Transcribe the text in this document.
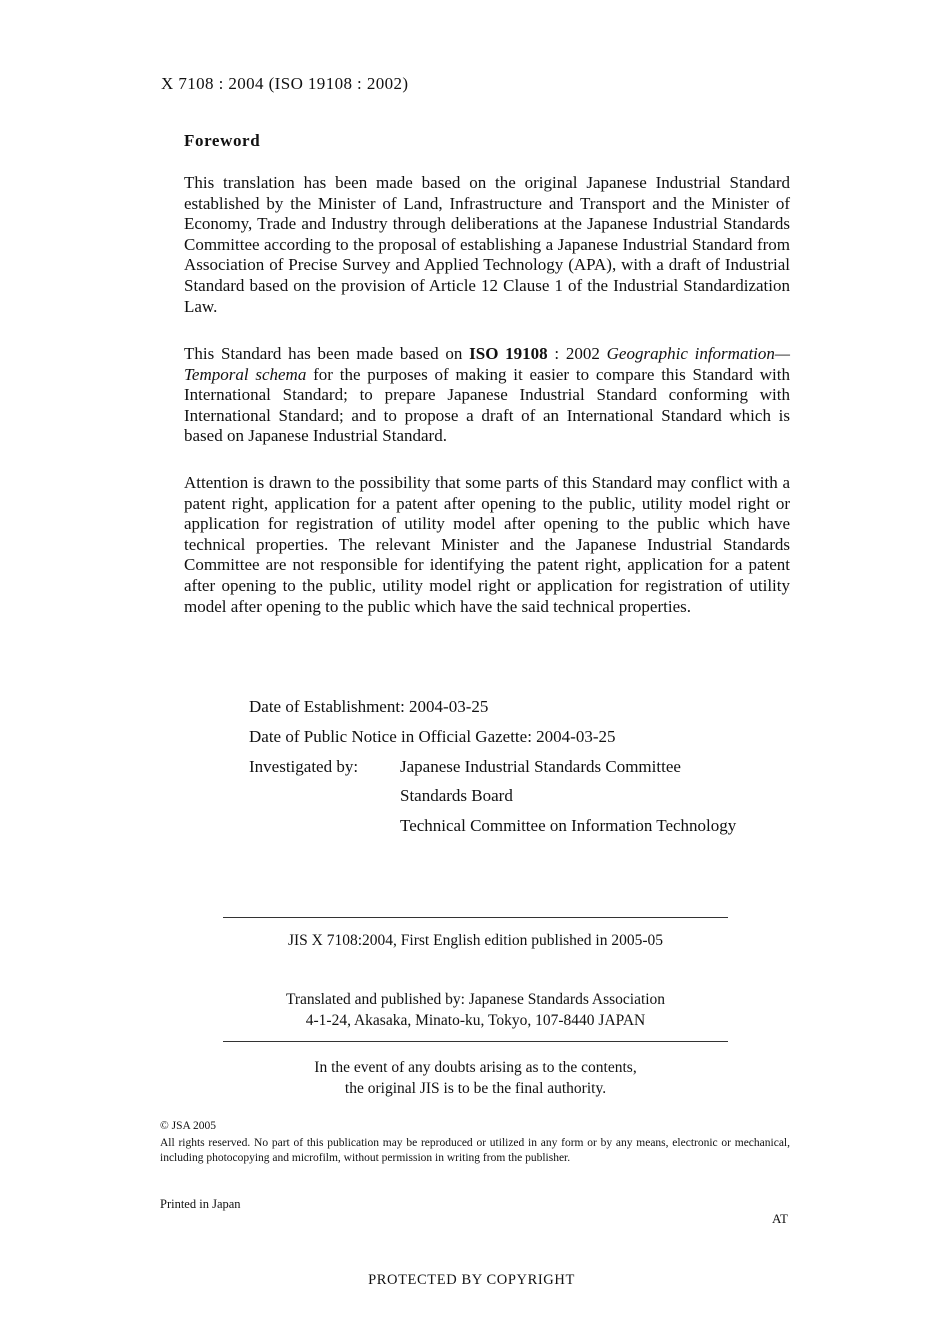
X 7108 : 2004 (ISO 19108 : 2002)
Foreword
This translation has been made based on the original Japanese Industrial Standard established by the Minister of Land, Infrastructure and Transport and the Minister of Economy, Trade and Industry through deliberations at the Japanese Industrial Standards Committee according to the proposal of establishing a Japanese Industrial Standard from Association of Precise Survey and Applied Technology (APA), with a draft of Industrial Standard based on the provision of Article 12 Clause 1 of the Industrial Standardization Law.
This Standard has been made based on ISO 19108 : 2002 Geographic information—Temporal schema for the purposes of making it easier to compare this Standard with International Standard; to prepare Japanese Industrial Standard conforming with International Standard; and to propose a draft of an International Standard which is based on Japanese Industrial Standard.
Attention is drawn to the possibility that some parts of this Standard may conflict with a patent right, application for a patent after opening to the public, utility model right or application for registration of utility model after opening to the public which have technical properties. The relevant Minister and the Japanese Industrial Standards Committee are not responsible for identifying the patent right, application for a patent after opening to the public, utility model right or application for registration of utility model after opening to the public which have the said technical properties.
Date of Establishment: 2004-03-25
Date of Public Notice in Official Gazette: 2004-03-25
Investigated by: Japanese Industrial Standards Committee
Standards Board
Technical Committee on Information Technology
JIS X 7108:2004, First English edition published in 2005-05
Translated and published by: Japanese Standards Association
4-1-24, Akasaka, Minato-ku, Tokyo, 107-8440 JAPAN
In the event of any doubts arising as to the contents,
the original JIS is to be the final authority.
© JSA 2005
All rights reserved. No part of this publication may be reproduced or utilized in any form or by any means, electronic or mechanical, including photocopying and microfilm, without permission in writing from the publisher.
Printed in Japan
AT
PROTECTED BY COPYRIGHT
